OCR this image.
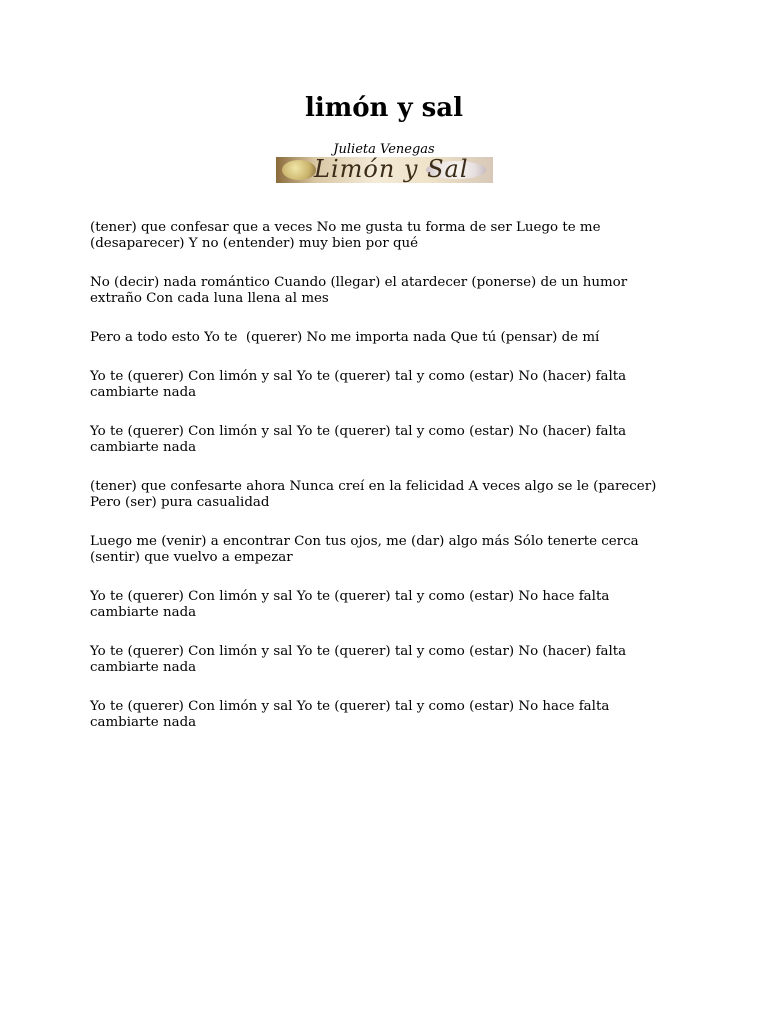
limón y sal
Julieta Venegas
Limón y Sal

(tener) que confesar que a veces No me gusta tu forma de ser Luego te me (desaparecer) Y no (entender) muy bien por qué

No (decir) nada romántico Cuando (llegar) el atardecer (ponerse) de un humor extraño Con cada luna llena al mes

Pero a todo esto Yo te  (querer) No me importa nada Que tú (pensar) de mí

Yo te (querer) Con limón y sal Yo te (querer) tal y como (estar) No (hacer) falta cambiarte nada

Yo te (querer) Con limón y sal Yo te (querer) tal y como (estar) No (hacer) falta cambiarte nada

(tener) que confesarte ahora Nunca creí en la felicidad A veces algo se le (parecer) Pero (ser) pura casualidad

Luego me (venir) a encontrar Con tus ojos, me (dar) algo más Sólo tenerte cerca (sentir) que vuelvo a empezar

Yo te (querer) Con limón y sal Yo te (querer) tal y como (estar) No hace falta cambiarte nada

Yo te (querer) Con limón y sal Yo te (querer) tal y como (estar) No (hacer) falta cambiarte nada

Yo te (querer) Con limón y sal Yo te (querer) tal y como (estar) No hace falta cambiarte nada
